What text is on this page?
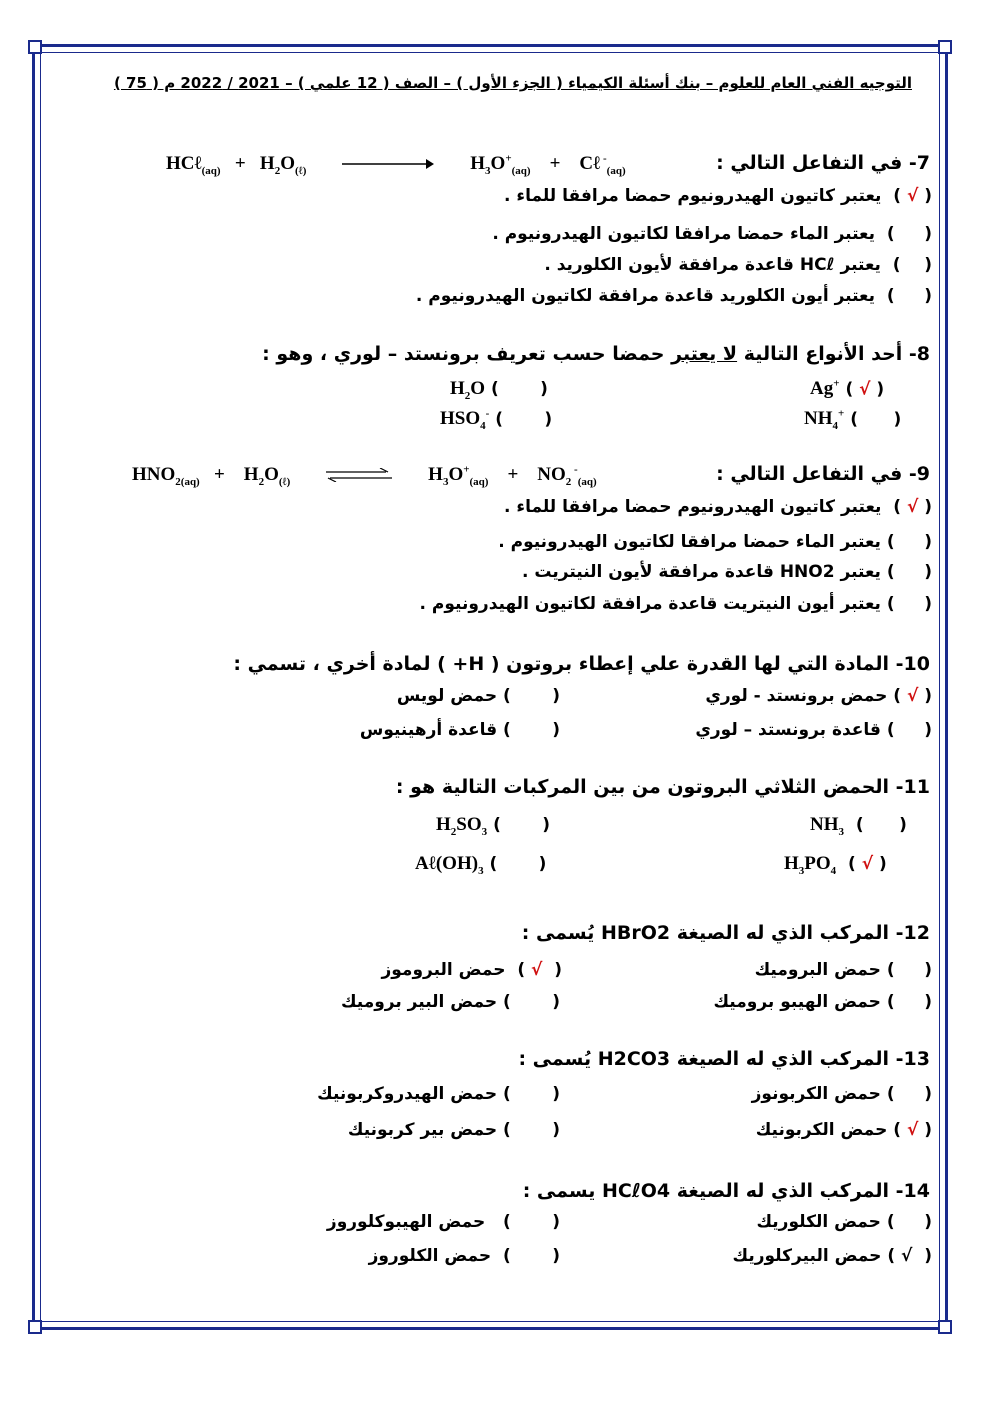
التوجيه الفني العام للعلوم – بنك أسئلة الكيمياء ( الجزء الأول ) – الصف ( 12 علمي ) – 2021 / 2022 م ( 75 )
7- في التفاعل التالي :
HCℓ$_{(aq)}$   +   $H_2O_{(\ell)}$	$H_3O^+_{(aq)}$    +    Cℓ -$_{(aq)}$
( √ )  يعتبر كاتيون الهيدرونيوم حمضا مرافقا للماء .
(     )  يعتبر الماء حمضا مرافقا لكاتيون الهيدرونيوم .
(    )  يعتبر HCℓ قاعدة مرافقة لأيون الكلوريد .
(     )  يعتبر أيون الكلوريد قاعدة مرافقة لكاتيون الهيدرونيوم .
8- أحد الأنواع التالية لا يعتبر حمضا حسب تعريف برونستد – لوري ، وهو :
Ag+ ( √ )
$H_2O$ (       )
$NH_4^+$ (      )
$HSO_4^-$ (       )
9- في التفاعل التالي :
$HNO_{2(aq)}$   +    $H_2O_{(\ell)}$	$H_3O^+_{(aq)}$    +    $NO_2$ -$_{(aq)}$
( √ )  يعتبر كاتيون الهيدرونيوم حمضا مرافقا للماء .
(     ) يعتبر الماء حمضا مرافقا لكاتيون الهيدرونيوم .
(     ) يعتبر HNO2 قاعدة مرافقة لأيون النيتريت .
(     ) يعتبر أيون النيتريت قاعدة مرافقة لكاتيون الهيدرونيوم .
10- المادة التي لها القدرة علي إعطاء بروتون ( H+ ) لمادة أخري ، تسمي :
( √ ) حمض برونستد - لوري
(       ) حمض لويس
(     ) قاعدة برونستد – لوري
(       ) قاعدة أرهينيوس
11- الحمض الثلاثي البروتون من بين المركبات التالية هو :
$NH_3$  (      )
$H_2SO_3$ (       )
$H_3PO_4$  ( √ )
$A\ell(OH)_3$ (       )
12- المركب الذي له الصيغة HBrO2 يُسمى :
(     ) حمض البروميك
(  √ )  حمض البروموز
(     ) حمض الهيبو بروميك
(       ) حمض البير بروميك
13- المركب الذي له الصيغة H2CO3 يُسمى :
(     ) حمض الكربونوز
(       ) حمض الهيدروكربونيك
( √ ) حمض الكربونيك
(       ) حمض بير كربونيك
14- المركب الذي له الصيغة HCℓO4 يسمى :
(     ) حمض الكلوريك
(       )   حمض الهيبوكلوروز
(  √ ) حمض البيركلوريك
(       )  حمض الكلوروز
